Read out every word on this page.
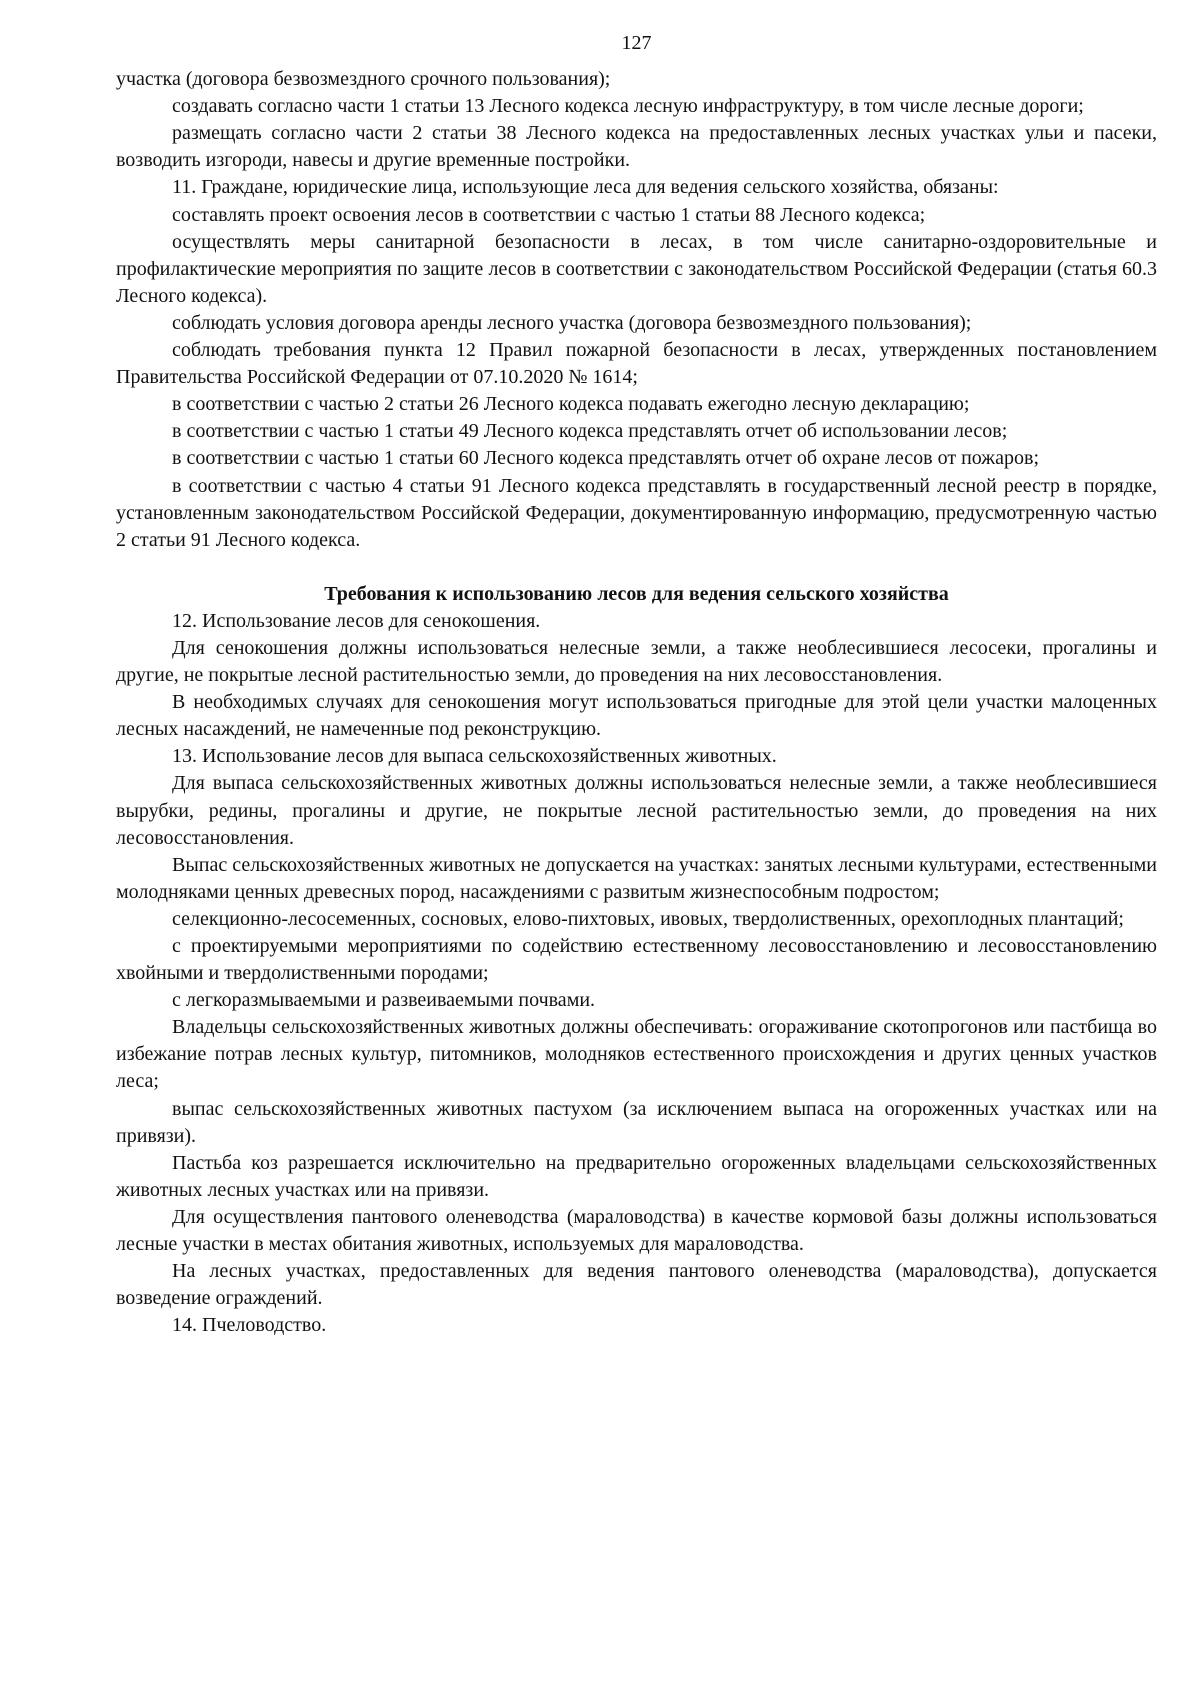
127

участка (договора безвозмездного срочного пользования);

создавать согласно части 1 статьи 13 Лесного кодекса лесную инфраструктуру, в том числе лесные дороги;

размещать согласно части 2 статьи 38 Лесного кодекса на предоставленных лесных участках ульи и пасеки, возводить изгороди, навесы и другие временные постройки.

11. Граждане, юридические лица, использующие леса для ведения сельского хозяйства, обязаны:

составлять проект освоения лесов в соответствии с частью 1 статьи 88 Лесного кодекса;

осуществлять меры санитарной безопасности в лесах, в том числе санитарно-оздоровительные и профилактические мероприятия по защите лесов в соответствии с законодательством Российской Федерации (статья 60.3 Лесного кодекса).

соблюдать условия договора аренды лесного участка (договора безвозмездного пользования);

соблюдать требования пункта 12 Правил пожарной безопасности в лесах, утвержденных постановлением Правительства Российской Федерации от 07.10.2020 № 1614;

в соответствии с частью 2 статьи 26 Лесного кодекса подавать ежегодно лесную декларацию;

в соответствии с частью 1 статьи 49 Лесного кодекса представлять отчет об использовании лесов;

в соответствии с частью 1 статьи 60 Лесного кодекса представлять отчет об охране лесов от пожаров;

в соответствии с частью 4 статьи 91 Лесного кодекса представлять в государственный лесной реестр в порядке, установленным законодательством Российской Федерации, документированную информацию, предусмотренную частью 2 статьи 91 Лесного кодекса.

Требования к использованию лесов для ведения сельского хозяйства

12. Использование лесов для сенокошения.

Для сенокошения должны использоваться нелесные земли, а также необлесившиеся лесосеки, прогалины и другие, не покрытые лесной растительностью земли, до проведения на них лесовосстановления.

В необходимых случаях для сенокошения могут использоваться пригодные для этой цели участки малоценных лесных насаждений, не намеченные под реконструкцию.

13. Использование лесов для выпаса сельскохозяйственных животных.

Для выпаса сельскохозяйственных животных должны использоваться нелесные земли, а также необлесившиеся вырубки, редины, прогалины и другие, не покрытые лесной растительностью земли, до проведения на них лесовосстановления.

Выпас сельскохозяйственных животных не допускается на участках: занятых лесными культурами, естественными молодняками ценных древесных пород, насаждениями с развитым жизнеспособным подростом;

селекционно-лесосеменных, сосновых, елово-пихтовых, ивовых, твердолиственных, орехоплодных плантаций;

с проектируемыми мероприятиями по содействию естественному лесовосстановлению и лесовосстановлению хвойными и твердолиственными породами;

с легкоразмываемыми и развеиваемыми почвами.

Владельцы сельскохозяйственных животных должны обеспечивать: огораживание скотопрогонов или пастбища во избежание потрав лесных культур, питомников, молодняков естественного происхождения и других ценных участков леса;

выпас сельскохозяйственных животных пастухом (за исключением выпаса на огороженных участках или на привязи).

Пастьба коз разрешается исключительно на предварительно огороженных владельцами сельскохозяйственных животных лесных участках или на привязи.

Для осуществления пантового оленеводства (мараловодства) в качестве кормовой базы должны использоваться лесные участки в местах обитания животных, используемых для мараловодства.

На лесных участках, предоставленных для ведения пантового оленеводства (мараловодства), допускается возведение ограждений.

14. Пчеловодство.
